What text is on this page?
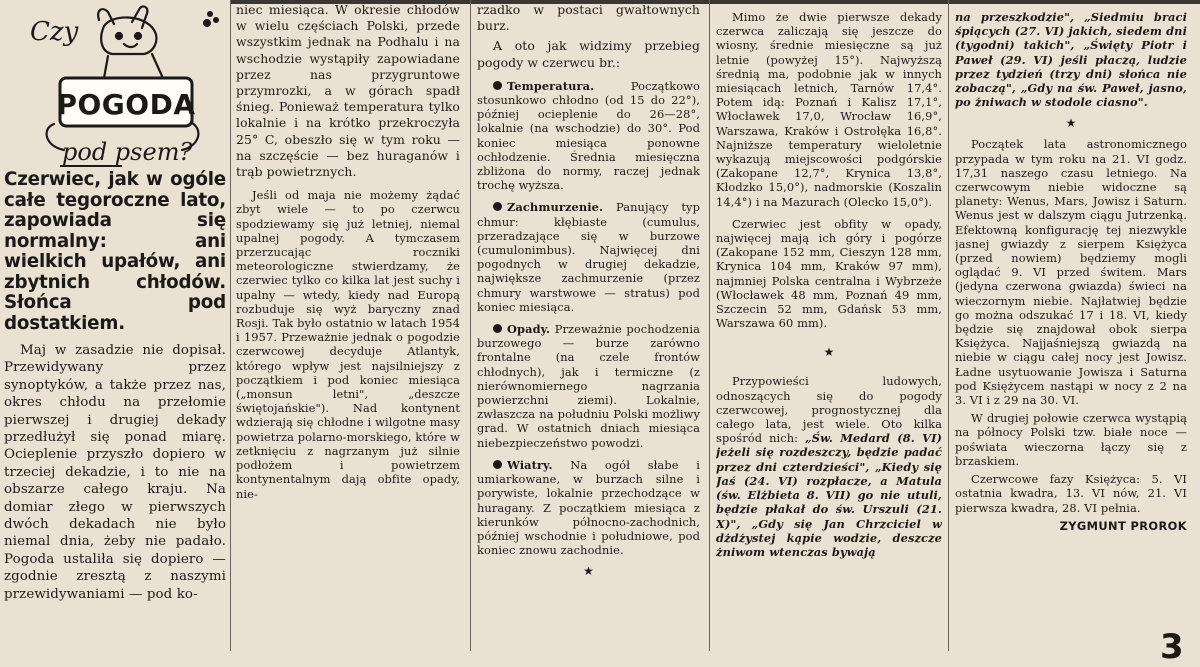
Czy
POGODA
pod psem?

Czerwiec, jak w ogóle całe tegoroczne lato, zapowiada się normalny: ani wielkich upałów, ani zbytnich chłodów. Słońca pod dostatkiem.

Maj w zasadzie nie dopisał. Przewidywany przez synoptyków, a także przez nas, okres chłodu na przełomie pierwszej i drugiej dekady przedłużył się ponad miarę. Ocieplenie przyszło dopiero w trzeciej dekadzie, i to nie na obszarze całego kraju. Na domiar złego w pierwszych dwóch dekadach nie było niemal dnia, żeby nie padało. Pogoda ustaliła się dopiero — zgodnie zresztą z naszymi przewidywaniami — pod ko-

niec miesiąca. W okresie chłodów w wielu częściach Polski, przede wszystkim jednak na Podhalu i na wschodzie wystąpiły zapowiadane przez nas przygruntowe przymrozki, a w górach spadł śnieg. Ponieważ temperatura tylko lokalnie i na krótko przekroczyła 25° C, obeszło się w tym roku — na szczęście — bez huraganów i trąb powietrznych.

Jeśli od maja nie możemy żądać zbyt wiele — to po czerwcu spodziewamy się już letniej, niemal upalnej pogody. A tymczasem przerzucając roczniki meteorologiczne stwierdzamy, że czerwiec tylko co kilka lat jest suchy i upalny — wtedy, kiedy nad Europą rozbuduje się wyż baryczny znad Rosji. Tak było ostatnio w latach 1954 i 1957. Przeważnie jednak o pogodzie czerwcowej decyduje Atlantyk, którego wpływ jest najsilniejszy z początkiem i pod koniec miesiąca („monsun letni", „deszcze świętojańskie"). Nad kontynent wdzierają się chłodne i wilgotne masy powietrza polarno-morskiego, które w zetknięciu z nagrzanym już silnie podłożem i powietrzem kontynentalnym dają obfite opady, nie-

rzadko w postaci gwałtownych burz.

A oto jak widzimy przebieg pogody w czerwcu br.:

Temperatura.	Początkowo stosunkowo chłodno (od 15 do 22°), później ocieplenie do 26—28°, lokalnie (na wschodzie) do 30°. Pod koniec miesiąca ponowne ochłodzenie. Średnia miesięczna zbliżona do normy, raczej jednak trochę wyższa.

Zachmurzenie. Panujący typ chmur: kłębiaste (cumulus, przeradzające się w burzowe (cumulonimbus). Najwięcej dni pogodnych w drugiej dekadzie, największe zachmurzenie (przez chmury warstwowe — stratus) pod koniec miesiąca.

Opady. Przeważnie pochodzenia burzowego — burze zarówno frontalne (na czele frontów chłodnych), jak i termiczne (z nierównomiernego nagrzania powierzchni ziemi). Lokalnie, zwłaszcza na południu Polski możliwy grad. W ostatnich dniach miesiąca niebezpieczeństwo powodzi.

Wiatry. Na ogół słabe i umiarkowane, w burzach silne i porywiste, lokalnie przechodzące w huragany. Z początkiem miesiąca z kierunków północno-zachodnich, później wschodnie i południowe, pod koniec znowu zachodnie.

★

Mimo że dwie pierwsze dekady czerwca zaliczają się jeszcze do wiosny, średnie miesięczne są już letnie (powyżej 15°). Najwyższą średnią ma, podobnie jak w innych miesiącach letnich, Tarnów 17,4°. Potem idą: Poznań i Kalisz 17,1°, Włocławek 17,0, Wrocław 16,9°, Warszawa, Kraków i Ostrołęka 16,8°. Najniższe temperatury wieloletnie wykazują miejscowości podgórskie (Zakopane 12,7°, Krynica 13,8°, Kłodzko 15,0°), nadmorskie (Koszalin 14,4°) i na Mazurach (Olecko 15,0°).

Czerwiec jest obfity w opady, najwięcej mają ich góry i pogórze (Zakopane 152 mm, Cieszyn 128 mm, Krynica 104 mm, Kraków 97 mm), najmniej Polska centralna i Wybrzeże (Włocławek 48 mm, Poznań 49 mm, Szczecin 52 mm, Gdańsk 53 mm, Warszawa 60 mm).

★

Przypowieści ludowych, odnoszących się do pogody czerwcowej, prognostycznej dla całego lata, jest wiele. Oto kilka spośród nich: „Św. Medard (8. VI) jeżeli się rozdeszczy, będzie padać przez dni czterdzieści", „Kiedy się Jaś (24. VI) rozpłacze, a Matula (św. Elżbieta 8. VII) go nie utuli, będzie płakał do św. Urszuli (21. X)", „Gdy się Jan Chrzciciel w dżdżystej kąpie wodzie, deszcze żniwom wtenczas bywają

na przeszkodzie", „Siedmiu braci śpiących (27. VI) jakich, siedem dni (tygodni) takich", „Święty Piotr i Paweł (29. VI) jeśli płaczą, ludzie przez tydzień (trzy dni) słońca nie zobaczą", „Gdy na św. Paweł, jasno, po żniwach w stodole ciasno".

★

Początek lata astronomicznego przypada w tym roku na 21. VI godz. 17,31 naszego czasu letniego. Na czerwcowym niebie widoczne są planety: Wenus, Mars, Jowisz i Saturn. Wenus jest w dalszym ciągu Jutrzenką. Efektowną konfigurację tej niezwykle jasnej gwiazdy z sierpem Księżyca (przed nowiem) będziemy mogli oglądać 9. VI przed świtem. Mars (jedyna czerwona gwiazda) świeci na wieczornym niebie. Najłatwiej będzie go można odszukać 17 i 18. VI, kiedy będzie się znajdował obok sierpa Księżyca. Najjaśniejszą gwiazdą na niebie w ciągu całej nocy jest Jowisz. Ładne usytuowanie Jowisza i Saturna pod Księżycem nastąpi w nocy z 2 na 3. VI i z 29 na 30. VI.

W drugiej połowie czerwca wystąpią na północy Polski tzw. białe noce — poświata wieczorna łączy się z brzaskiem.

Czerwcowe fazy Księżyca: 5. VI ostatnia kwadra, 13. VI nów, 21. VI pierwsza kwadra, 28. VI pełnia.

ZYGMUNT PROROK
3
